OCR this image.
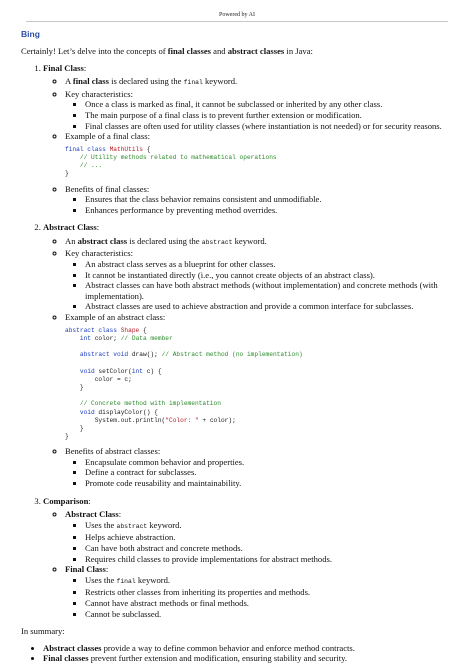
Powered by AI
Bing

Certainly! Let’s delve into the concepts of final classes and abstract classes in Java:

1. Final Class:
◦ A final class is declared using the final keyword.
◦ Key characteristics:
▪ Once a class is marked as final, it cannot be subclassed or inherited by any other class.
▪ The main purpose of a final class is to prevent further extension or modification.
▪ Final classes are often used for utility classes (where instantiation is not needed) or for security reasons.
◦ Example of a final class:
final class MathUtils {
// Utility methods related to mathematical operations
// ...
}
◦ Benefits of final classes:
▪ Ensures that the class behavior remains consistent and unmodifiable.
▪ Enhances performance by preventing method overrides.
2. Abstract Class:
◦ An abstract class is declared using the abstract keyword.
◦ Key characteristics:
▪ An abstract class serves as a blueprint for other classes.
▪ It cannot be instantiated directly (i.e., you cannot create objects of an abstract class).
▪ Abstract classes can have both abstract methods (without implementation) and concrete methods (with implementation).
▪ Abstract classes are used to achieve abstraction and provide a common interface for subclasses.
◦ Example of an abstract class:
abstract class Shape {
int color; // Data member
abstract void draw(); // Abstract method (no implementation)
void setColor(int c) {
color = c;
}
// Concrete method with implementation
void displayColor() {
System.out.println("Color: " + color);
}
}
◦ Benefits of abstract classes:
▪ Encapsulate common behavior and properties.
▪ Define a contract for subclasses.
▪ Promote code reusability and maintainability.
3. Comparison:
◦ Abstract Class:
▪ Uses the abstract keyword.
▪ Helps achieve abstraction.
▪ Can have both abstract and concrete methods.
▪ Requires child classes to provide implementations for abstract methods.
◦ Final Class:
▪ Uses the final keyword.
▪ Restricts other classes from inheriting its properties and methods.
▪ Cannot have abstract methods or final methods.
▪ Cannot be subclassed.

In summary:

• Abstract classes provide a way to define common behavior and enforce method contracts.
• Final classes prevent further extension and modification, ensuring stability and security.
